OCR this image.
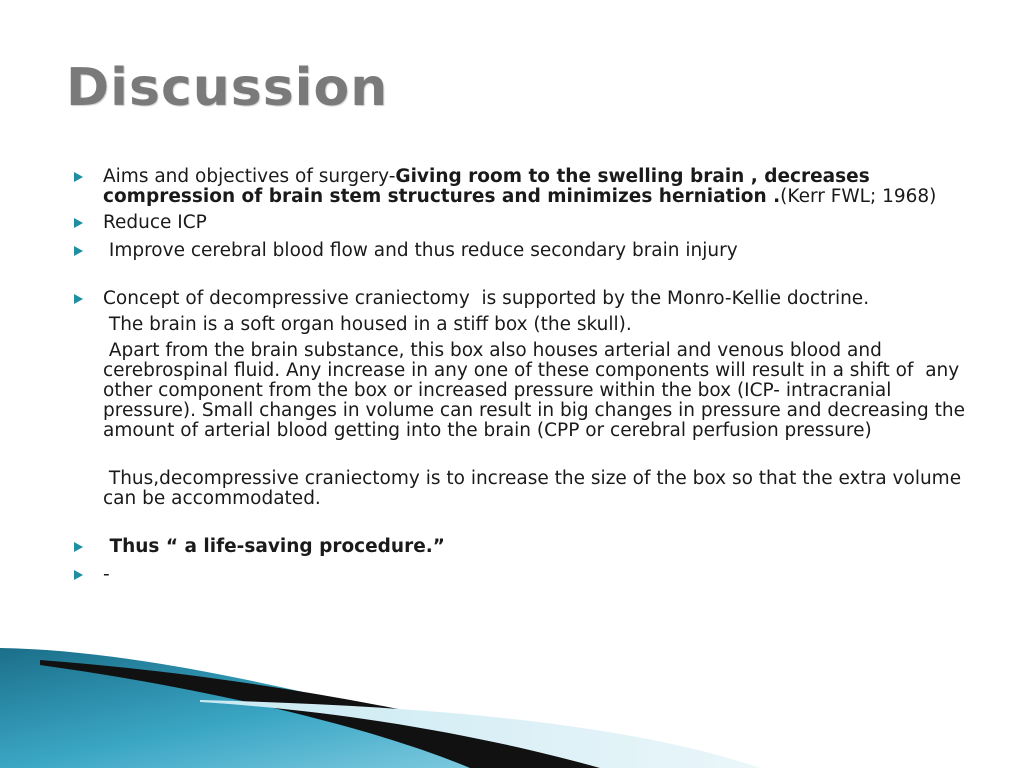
Discussion
Aims and objectives of surgery-Giving room to the swelling brain , decreases compression of brain stem structures and minimizes herniation .(Kerr FWL; 1968)
Reduce ICP
Improve cerebral blood flow and thus reduce secondary brain injury
Concept of decompressive craniectomy  is supported by the Monro-Kellie doctrine.
The brain is a soft organ housed in a stiff box (the skull).
Apart from the brain substance, this box also houses arterial and venous blood and cerebrospinal fluid. Any increase in any one of these components will result in a shift of  any other component from the box or increased pressure within the box (ICP- intracranial pressure). Small changes in volume can result in big changes in pressure and decreasing the amount of arterial blood getting into the brain (CPP or cerebral perfusion pressure)
Thus,decompressive craniectomy is to increase the size of the box so that the extra volume can be accommodated.
Thus “ a life-saving procedure.”
-
